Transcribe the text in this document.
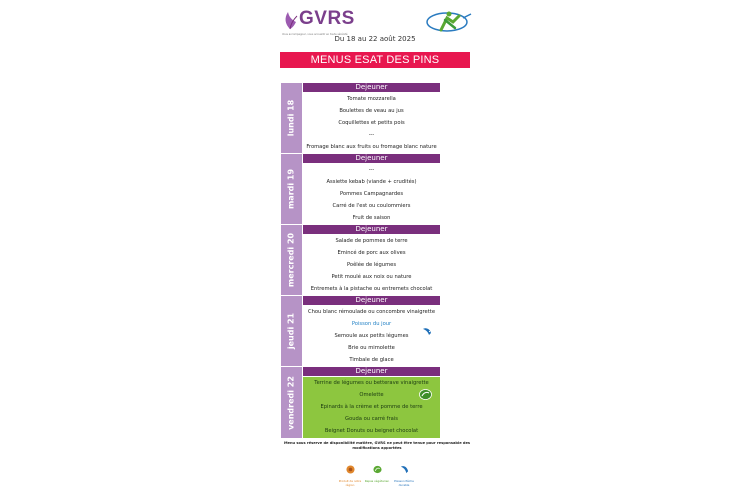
GVRS
Vous accompagner, vous accueillir en toute sérénité
Du 18 au 22 août 2025
MENUS ESAT DES PINS
lundi 18
Dejeuner
Tomate mozzarella
Boulettes de veau au jus
Coquillettes et petits pois
---
Fromage blanc aux fruits ou fromage blanc nature
mardi 19
Dejeuner
---
Assiette kebab (viande + crudités)
Pommes Campagnardes
Carré de l'est ou coulommiers
Fruit de saison
mercredi 20
Dejeuner
Salade de pommes de terre
Emincé de porc aux olives
Poêlée de légumes
Petit moulé aux noix ou nature
Entremets à la pistache ou entremets chocolat
jeudi 21
Dejeuner
Chou blanc rémoulade ou concombre vinaigrette
Poisson du jour
Semoule aux petits légumes
Brie ou mimolette
Timbale de glace
vendredi 22
Dejeuner
Terrine de légumes ou betterave vinaigrette
Omelette
Epinards à la crème et pomme de terre
Gouda ou carré frais
Beignet Donuts ou beignet chocolat
Menu sous réserve de disponibilité matière, GVRS ne peut être tenue pour responsable des modifications apportées
Produit de notre région
Repas végétarien	Poisson Pêche durable
